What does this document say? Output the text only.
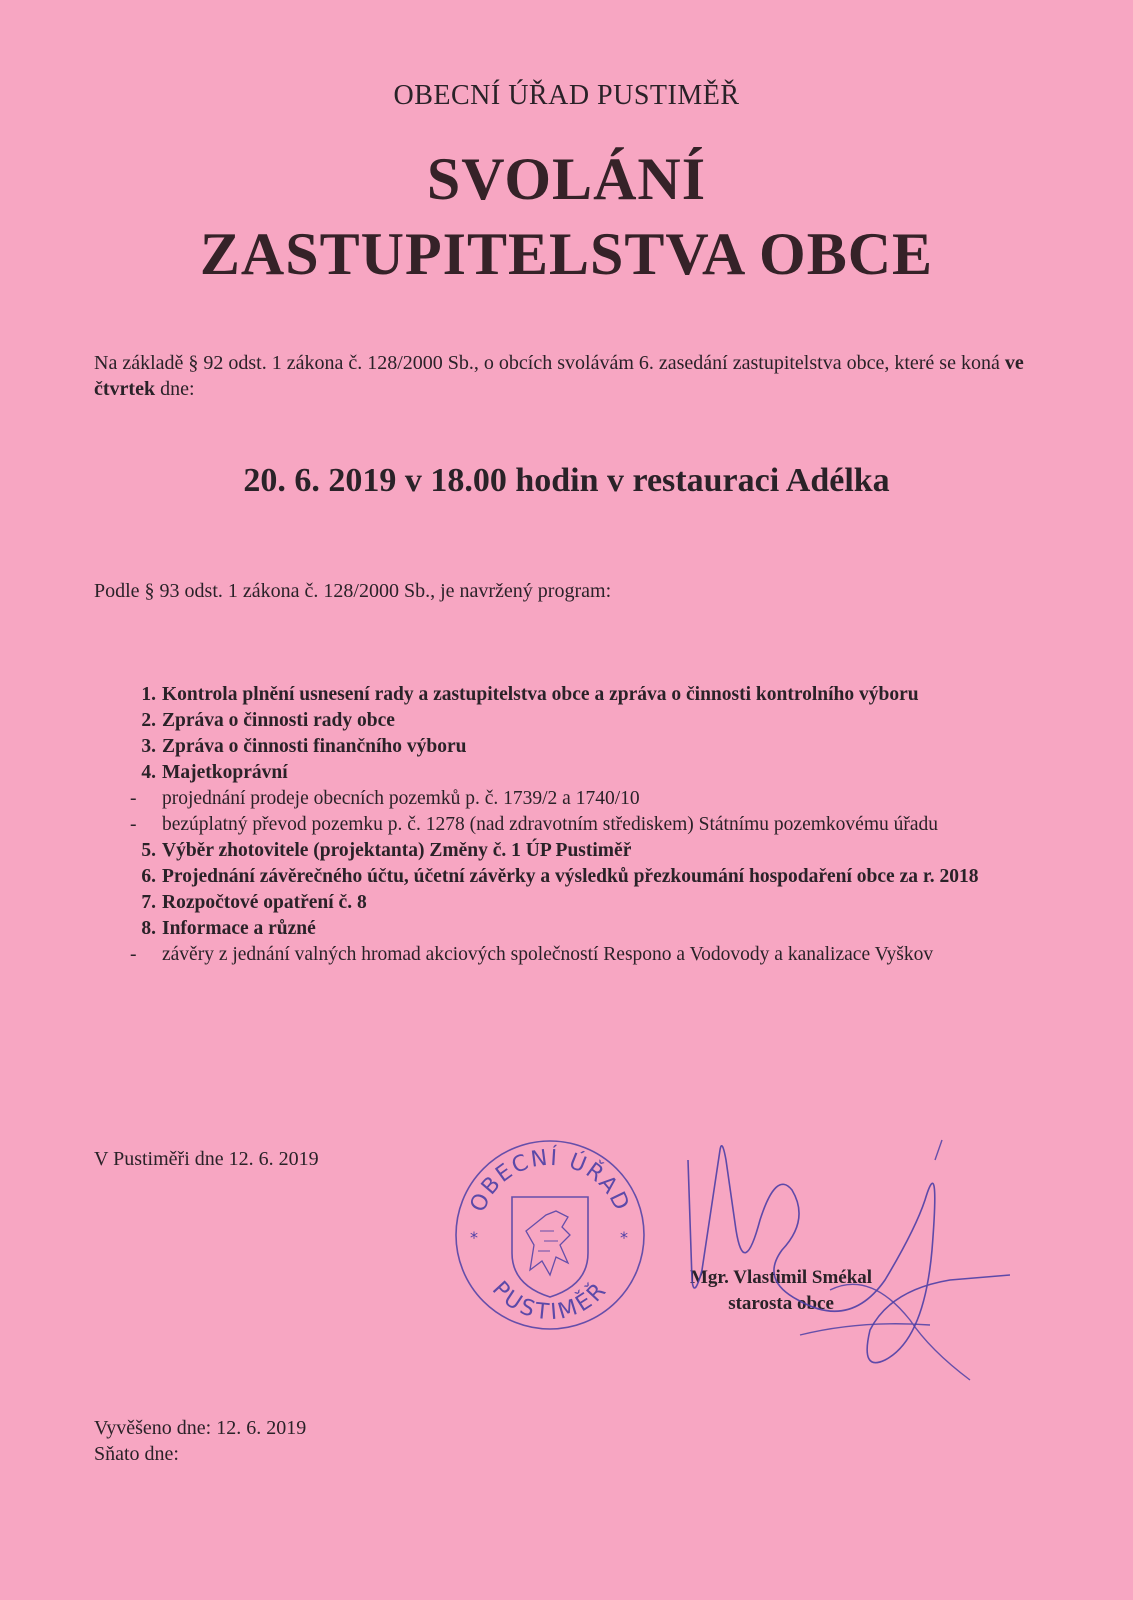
OBECNÍ ÚŘAD PUSTIMĚŘ
SVOLÁNÍ
ZASTUPITELSTVA OBCE
Na základě § 92 odst. 1 zákona č. 128/2000 Sb., o obcích svolávám 6. zasedání zastupitelstva obce, které se koná ve čtvrtek dne:
20. 6. 2019 v 18.00 hodin v restauraci Adélka
Podle § 93 odst. 1 zákona č. 128/2000 Sb., je navržený program:
1. Kontrola plnění usnesení rady a zastupitelstva obce a zpráva o činnosti kontrolního výboru
2. Zpráva o činnosti rady obce
3. Zpráva o činnosti finančního výboru
4. Majetkoprávní
-	projednání prodeje obecních pozemků p. č. 1739/2 a 1740/10
-	bezúplatný převod pozemku p. č. 1278 (nad zdravotním střediskem) Státnímu pozemkovému úřadu
5. Výběr zhotovitele (projektanta) Změny č. 1 ÚP Pustiměř
6. Projednání závěrečného účtu, účetní závěrky a výsledků přezkoumání hospodaření obce za r. 2018
7. Rozpočtové opatření č. 8
8. Informace a různé
-	závěry z jednání valných hromad akciových společností Respono a Vodovody a kanalizace Vyškov
V Pustiměři dne 12. 6. 2019
OBECNÍ ÚŘAD
PUSTIMĚŘ
*	*
Mgr. Vlastimil Smékal
starosta obce
Vyvěšeno dne: 12. 6. 2019
Sňato dne:
